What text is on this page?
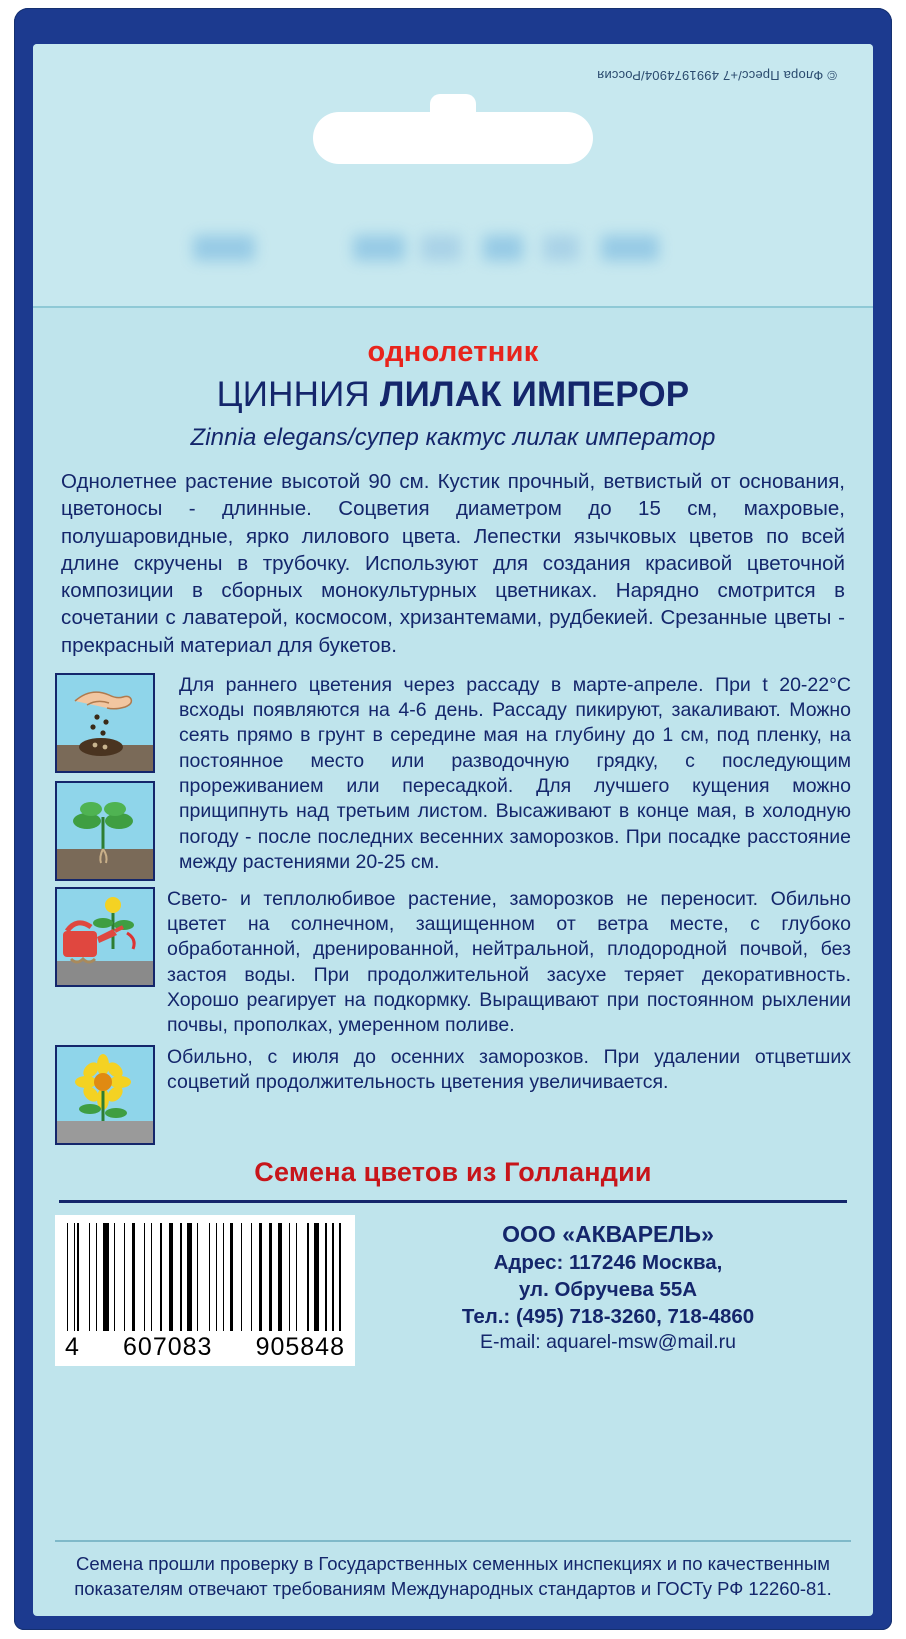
© Флора Пресс/+7 4991974904/Россия
однолетник
ЦИННИЯ ЛИЛАК ИМПЕРОР
Zinnia elegans/супер кактус лилак император
Однолетнее растение высотой 90 см. Кустик прочный, ветвистый от основания, цветоносы - длинные. Соцветия диаметром до 15 см, махровые, полушаровидные, ярко лилового цвета. Лепестки язычковых цветов по всей длине скручены в трубочку. Используют для создания красивой цветочной композиции в сборных монокультурных цветниках. Нарядно смотрится в сочетании с лаватерой, космосом, хризантемами, рудбекией. Срезанные цветы - прекрасный материал для букетов.
Для раннего цветения через рассаду в марте-апреле. При t 20-22°C всходы появляются на 4-6 день. Рассаду пикируют, закаливают. Можно сеять прямо в грунт в середине мая на глубину до 1 см, под пленку, на постоянное место или разводочную грядку, с последующим прореживанием или пересадкой. Для лучшего кущения можно прищипнуть над третьим листом. Высаживают в конце мая, в холодную погоду - после последних весенних заморозков. При посадке расстояние между растениями 20-25 см.
Свето- и теплолюбивое растение, заморозков не переносит. Обильно цветет на солнечном, защищенном от ветра месте, с глубоко обработанной, дренированной, нейтральной, плодородной почвой, без застоя воды. При продолжительной засухе теряет декоративность. Хорошо реагирует на подкормку. Выращивают при постоянном рыхлении почвы, прополках, умеренном поливе.
Обильно, с июля до осенних заморозков. При удалении отцветших соцветий продолжительность цветения увеличивается.
Семена цветов из Голландии
4 607083 905848
ООО «АКВАРЕЛЬ»
Адрес: 117246 Москва,
ул. Обручева 55А
Тел.: (495) 718-3260, 718-4860
E-mail: aquarel-msw@mail.ru
Семена прошли проверку в Государственных семенных инспекциях и по качественным показателям отвечают требованиям Международных стандартов и ГОСТу РФ 12260-81.
